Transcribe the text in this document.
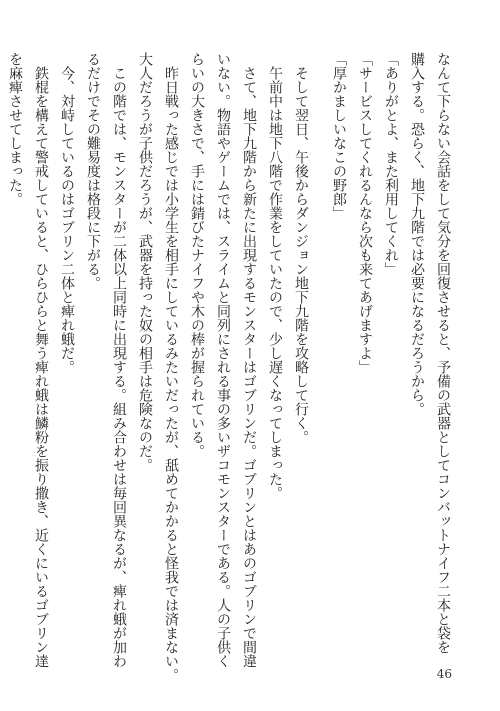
なんて下らない会話をして気分を回復させると、予備の武器としてコンバットナイフ二本と袋を

購入する。恐らく、地下九階では必要になるだろうから。

「ありがとよ、また利用してくれ」

「サービスしてくれるんなら次も来てあげますよ」

「厚かましいなこの野郎」

そして翌日、午後からダンジョン地下九階を攻略して行く。

午前中は地下八階で作業をしていたので、少し遅くなってしまった。

さて、地下九階から新たに出現するモンスターはゴブリンだ。ゴブリンとはあのゴブリンで間違

いない。物語やゲームでは、スライムと同列にされる事の多いザコモンスターである。人の子供く

らいの大きさで、手には錆びたナイフや木の棒が握られている。

昨日戦った感じでは小学生を相手にしているみたいだったが、舐めてかかると怪我では済まない。

大人だろうが子供だろうが、武器を持った奴の相手は危険なのだ。

この階では、モンスターが二体以上同時に出現する。組み合わせは毎回異なるが、痺れ蛾が加わ

るだけでその難易度は格段に下がる。

今、対峙しているのはゴブリン二体と痺れ蛾だ。

鉄棍を構えて警戒していると、ひらひらと舞う痺れ蛾は鱗粉を振り撒き、近くにいるゴブリン達

を麻痺させてしまった。

46
